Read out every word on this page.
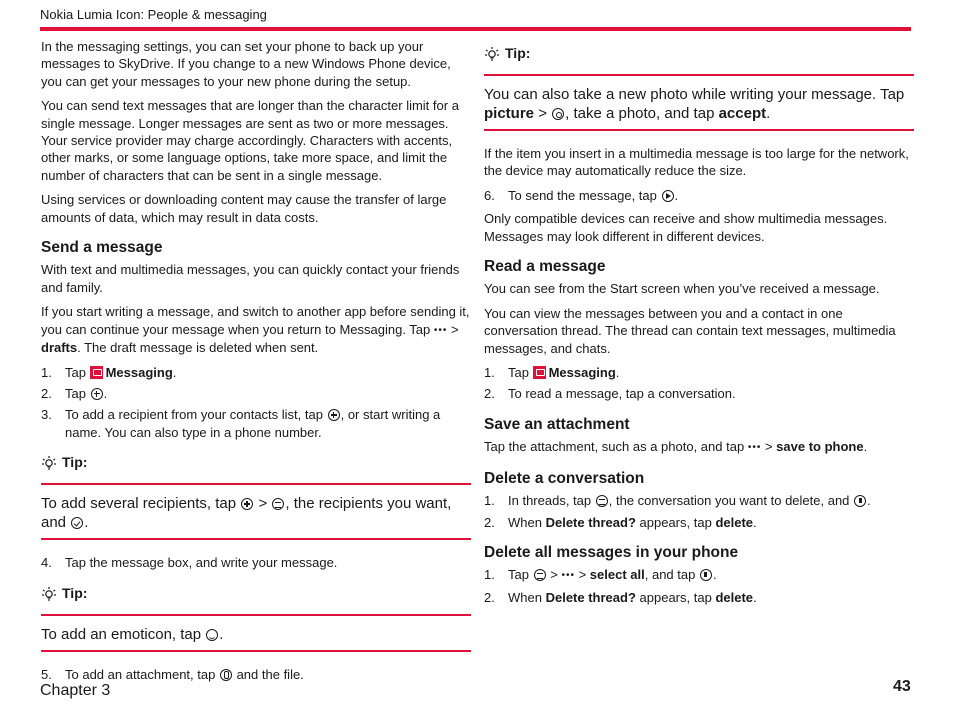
Nokia Lumia Icon: People & messaging

In the messaging settings, you can set your phone to back up your messages to SkyDrive. If you change to a new Windows Phone device, you can get your messages to your new phone during the setup.

You can send text messages that are longer than the character limit for a single message. Longer messages are sent as two or more messages. Your service provider may charge accordingly. Characters with accents, other marks, or some language options, take more space, and limit the number of characters that can be sent in a single message.

Using services or downloading content may cause the transfer of large amounts of data, which may result in data costs.

Send a message

With text and multimedia messages, you can quickly contact your friends and family.

If you start writing a message, and switch to another app before sending it, you can continue your message when you return to Messaging. Tap ••• > drafts. The draft message is deleted when sent.

1. Tap Messaging.
2. Tap .
3. To add a recipient from your contacts list, tap , or start writing a name. You can also type in a phone number.
Tip:
To add several recipients, tap > , the recipients you want, and .
4. Tap the message box, and write your message.
Tip:
To add an emoticon, tap .
5. To add an attachment, tap and the file.
Tip:
You can also take a new photo while writing your message. Tap picture > , take a photo, and tap accept.

If the item you insert in a multimedia message is too large for the network, the device may automatically reduce the size.

6. To send the message, tap .

Only compatible devices can receive and show multimedia messages. Messages may look different in different devices.

Read a message

You can see from the Start screen when you’ve received a message.

You can view the messages between you and a contact in one conversation thread. The thread can contain text messages, multimedia messages, and chats.

1. Tap Messaging.
2. To read a message, tap a conversation.
Save an attachment

Tap the attachment, such as a photo, and tap ••• > save to phone.

Delete a conversation
1. In threads, tap , the conversation you want to delete, and .
2. When Delete thread? appears, tap delete.
Delete all messages in your phone
1. Tap > ••• > select all, and tap .
2. When Delete thread? appears, tap delete.
Chapter 3	43
